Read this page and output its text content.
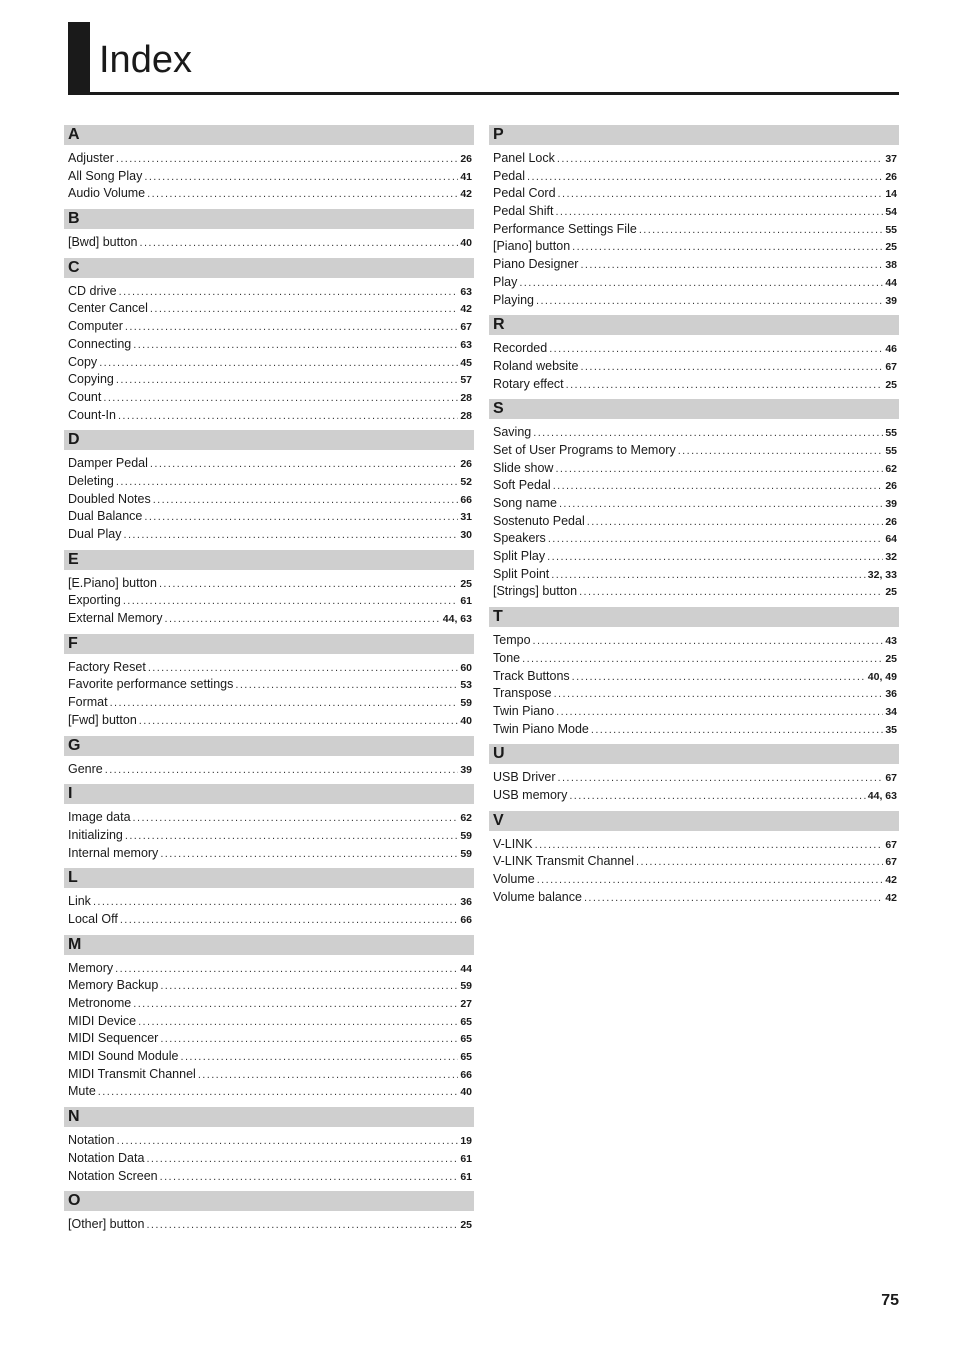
Index
A
Adjuster .....	26
All Song Play .....	41
Audio Volume .....	42
B
[Bwd] button .....	40
C
CD drive .....	63
Center Cancel .....	42
Computer .....	67
Connecting .....	63
Copy .....	45
Copying .....	57
Count .....	28
Count-In .....	28
D
Damper Pedal .....	26
Deleting .....	52
Doubled Notes .....	66
Dual Balance .....	31
Dual Play .....	30
E
[E.Piano] button .....	25
Exporting .....	61
External Memory .....	44, 63
F
Factory Reset .....	60
Favorite performance settings .....	53
Format .....	59
[Fwd] button .....	40
G
Genre .....	39
I
Image data .....	62
Initializing .....	59
Internal memory .....	59
L
Link .....	36
Local Off .....	66
M
Memory .....	44
Memory Backup .....	59
Metronome .....	27
MIDI Device .....	65
MIDI Sequencer .....	65
MIDI Sound Module .....	65
MIDI Transmit Channel .....	66
Mute .....	40
N
Notation .....	19
Notation Data .....	61
Notation Screen .....	61
O
[Other] button .....	25
P
Panel Lock .....	37
Pedal .....	26
Pedal Cord .....	14
Pedal Shift .....	54
Performance Settings File .....	55
[Piano] button .....	25
Piano Designer .....	38
Play .....	44
Playing .....	39
R
Recorded .....	46
Roland website .....	67
Rotary effect .....	25
S
Saving .....	55
Set of User Programs to Memory .....	55
Slide show .....	62
Soft Pedal .....	26
Song name .....	39
Sostenuto Pedal .....	26
Speakers .....	64
Split Play .....	32
Split Point .....	32, 33
[Strings] button .....	25
T
Tempo .....	43
Tone .....	25
Track Buttons .....	40, 49
Transpose .....	36
Twin Piano .....	34
Twin Piano Mode .....	35
U
USB Driver .....	67
USB memory .....	44, 63
V
V-LINK .....	67
V-LINK Transmit Channel .....	67
Volume .....	42
Volume balance .....	42
75
